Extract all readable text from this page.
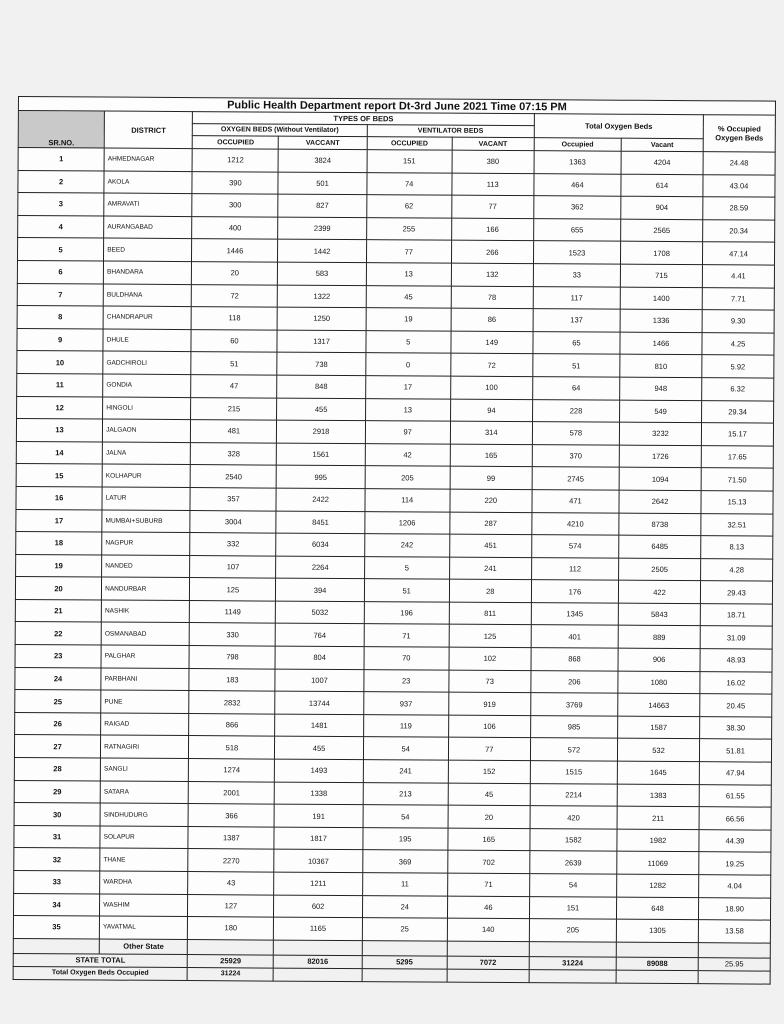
Public Health Department report Dt-3rd June 2021 Time 07:15 PM								
SR.NO.	DISTRICT	TYPES OF BEDS				Total Oxygen Beds		% Occupied Oxygen Beds
		OXYGEN BEDS (Without Ventilator)		VENTILATOR BEDS				
		OCCUPIED	VACCANT	OCCUPIED	VACANT	Occupied	Vacant	
1	AHMEDNAGAR	1212	3824	151	380	1363	4204	24.48
2	AKOLA	390	501	74	113	464	614	43.04
3	AMRAVATI	300	827	62	77	362	904	28.59
4	AURANGABAD	400	2399	255	166	655	2565	20.34
5	BEED	1446	1442	77	266	1523	1708	47.14
6	BHANDARA	20	583	13	132	33	715	4.41
7	BULDHANA	72	1322	45	78	117	1400	7.71
8	CHANDRAPUR	118	1250	19	86	137	1336	9.30
9	DHULE	60	1317	5	149	65	1466	4.25
10	GADCHIROLI	51	738	0	72	51	810	5.92
11	GONDIA	47	848	17	100	64	948	6.32
12	HINGOLI	215	455	13	94	228	549	29.34
13	JALGAON	481	2918	97	314	578	3232	15.17
14	JALNA	328	1561	42	165	370	1726	17.65
15	KOLHAPUR	2540	995	205	99	2745	1094	71.50
16	LATUR	357	2422	114	220	471	2642	15.13
17	MUMBAI+SUBURB	3004	8451	1206	287	4210	8738	32.51
18	NAGPUR	332	6034	242	451	574	6485	8.13
19	NANDED	107	2264	5	241	112	2505	4.28
20	NANDURBAR	125	394	51	28	176	422	29.43
21	NASHIK	1149	5032	196	811	1345	5843	18.71
22	OSMANABAD	330	764	71	125	401	889	31.09
23	PALGHAR	798	804	70	102	868	906	48.93
24	PARBHANI	183	1007	23	73	206	1080	16.02
25	PUNE	2832	13744	937	919	3769	14663	20.45
26	RAIGAD	866	1481	119	106	985	1587	38.30
27	RATNAGIRI	518	455	54	77	572	532	51.81
28	SANGLI	1274	1493	241	152	1515	1645	47.94
29	SATARA	2001	1338	213	45	2214	1383	61.55
30	SINDHUDURG	366	191	54	20	420	211	66.56
31	SOLAPUR	1387	1817	195	165	1582	1982	44.39
32	THANE	2270	10367	369	702	2639	11069	19.25
33	WARDHA	43	1211	11	71	54	1282	4.04
34	WASHIM	127	602	24	46	151	648	18.90
35	YAVATMAL	180	1165	25	140	205	1305	13.58
	Other State							
STATE TOTAL		25929	82016	5295	7072	31224	89088	25.95
Total Oxygen Beds Occupied		31224						
